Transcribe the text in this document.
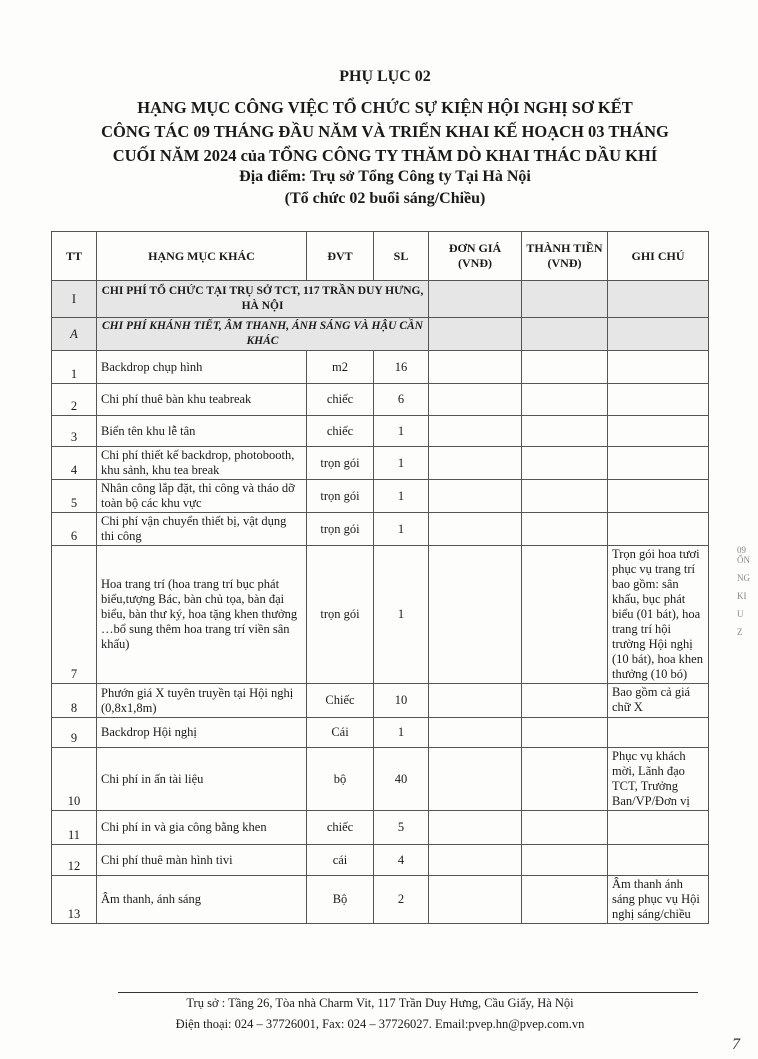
PHỤ LỤC 02
HẠNG MỤC CÔNG VIỆC TỔ CHỨC SỰ KIỆN HỘI NGHỊ SƠ KẾT
CÔNG TÁC 09 THÁNG ĐẦU NĂM VÀ TRIỂN KHAI KẾ HOẠCH 03 THÁNG
CUỐI NĂM 2024 của TỔNG CÔNG TY THĂM DÒ KHAI THÁC DẦU KHÍ
Địa điểm: Trụ sở Tổng Công ty Tại Hà Nội
(Tổ chức 02 buổi sáng/Chiều)
TT	HẠNG MỤC KHÁC	ĐVT	SL	ĐƠN GIÁ (VNĐ)	THÀNH TIỀN (VNĐ)	GHI CHÚ
I	CHI PHÍ TỔ CHỨC TẠI TRỤ SỞ TCT, 117 TRẦN DUY HƯNG, HÀ NỘI					
A	CHI PHÍ KHÁNH TIẾT, ÂM THANH, ÁNH SÁNG VÀ HẬU CẦN KHÁC					
1	Backdrop chụp hình	m2	16			
2	Chi phí thuê bàn khu teabreak	chiếc	6			
3	Biển tên khu lễ tân	chiếc	1			
4	Chi phí thiết kế backdrop, photobooth, khu sảnh, khu tea break	trọn gói	1			
5	Nhân công lắp đặt, thi công và tháo dỡ toàn bộ các khu vực	trọn gói	1			
6	Chi phí vận chuyển thiết bị, vật dụng thi công	trọn gói	1			
7	Hoa trang trí (hoa trang trí bục phát biểu,tượng Bác, bàn chủ tọa, bàn đại biểu, bàn thư ký, hoa tặng khen thưởng …bổ sung thêm hoa trang trí viền sân khấu)	trọn gói	1			Trọn gói hoa tươi phục vụ trang trí bao gồm: sân khấu, bục phát biểu (01 bát), hoa trang trí hội trường Hội nghị (10 bát), hoa khen thưởng (10 bó)
8	Phướn giá X tuyên truyền tại Hội nghị (0,8x1,8m)	Chiếc	10			Bao gồm cả giá chữ X
9	Backdrop Hội nghị	Cái	1			
10	Chi phí in ấn tài liệu	bộ	40			Phục vụ khách mời, Lãnh đạo TCT, Trưởng Ban/VP/Đơn vị
11	Chi phí in và gia công bằng khen	chiếc	5			
12	Chi phí thuê màn hình tivi	cái	4			
13	Âm thanh, ánh sáng	Bộ	2			Âm thanh ánh sáng phục vụ Hội nghị sáng/chiều
09
ỔN
NG
KI
U
Z
Trụ sở : Tầng 26, Tòa nhà Charm Vit, 117 Trần Duy Hưng, Cầu Giấy, Hà Nội
Điện thoại: 024 – 37726001, Fax: 024 – 37726027. Email:pvep.hn@pvep.com.vn
7
